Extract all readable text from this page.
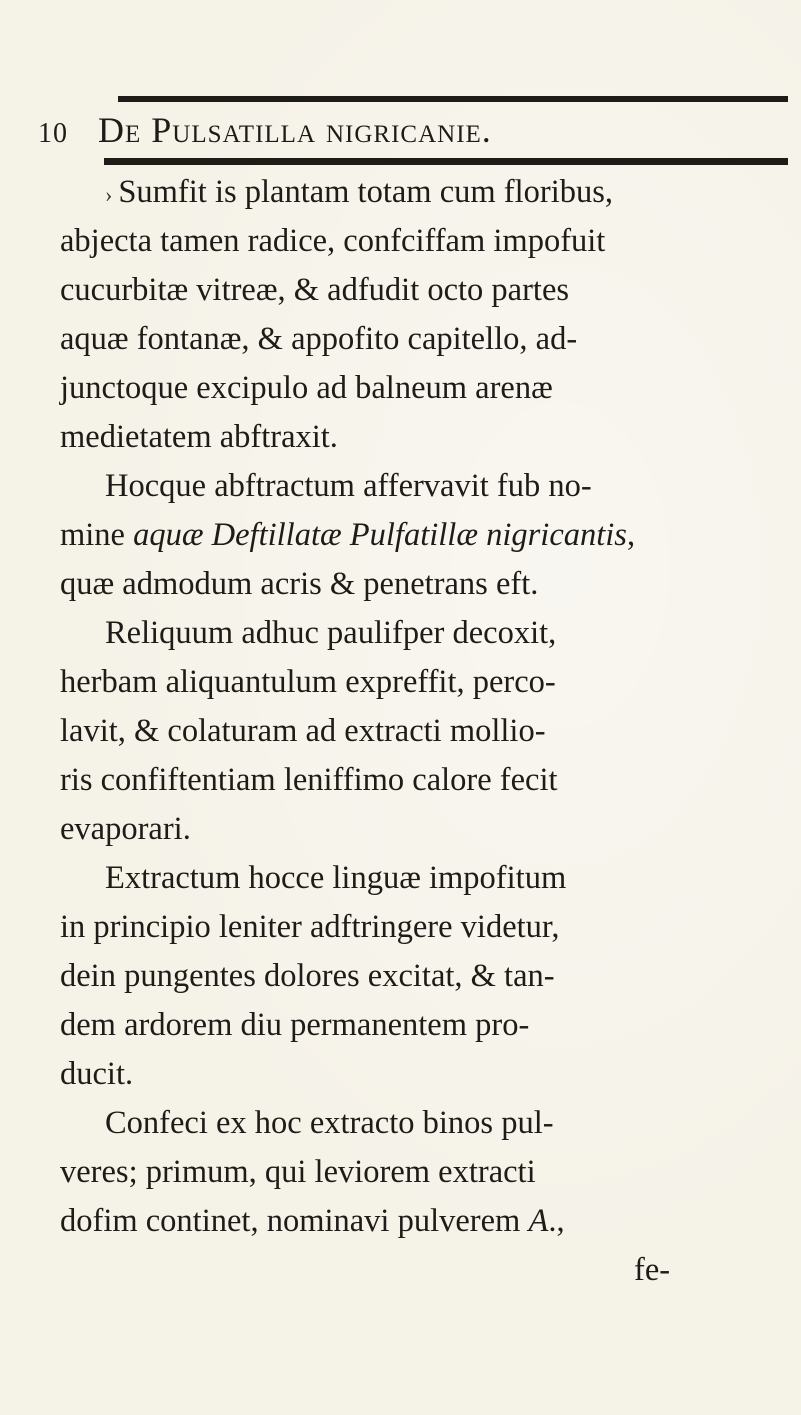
10 De Pulsatilla nigricanie.
› Sumfit is plantam totam cum floribus,
abjecta tamen radice, confciffam impofuit
cucurbitæ vitreæ, & adfudit octo partes
aquæ fontanæ, & appofito capitello, ad-
junctoque excipulo ad balneum arenæ
medietatem abftraxit.
Hocque abftractum affervavit fub no-
mine aquæ Deftillatæ Pulfatillæ nigricantis,
quæ admodum acris & penetrans eft.
Reliquum adhuc paulifper decoxit,
herbam aliquantulum expreffit, perco-
lavit, & colaturam ad extracti mollio-
ris confiftentiam leniffimo calore fecit
evaporari.
Extractum hocce linguæ impofitum
in principio leniter adftringere videtur,
dein pungentes dolores excitat, & tan-
dem ardorem diu permanentem pro-
ducit.
Confeci ex hoc extracto binos pul-
veres; primum, qui leviorem extracti
dofim continet, nominavi pulverem A.,
fe-
